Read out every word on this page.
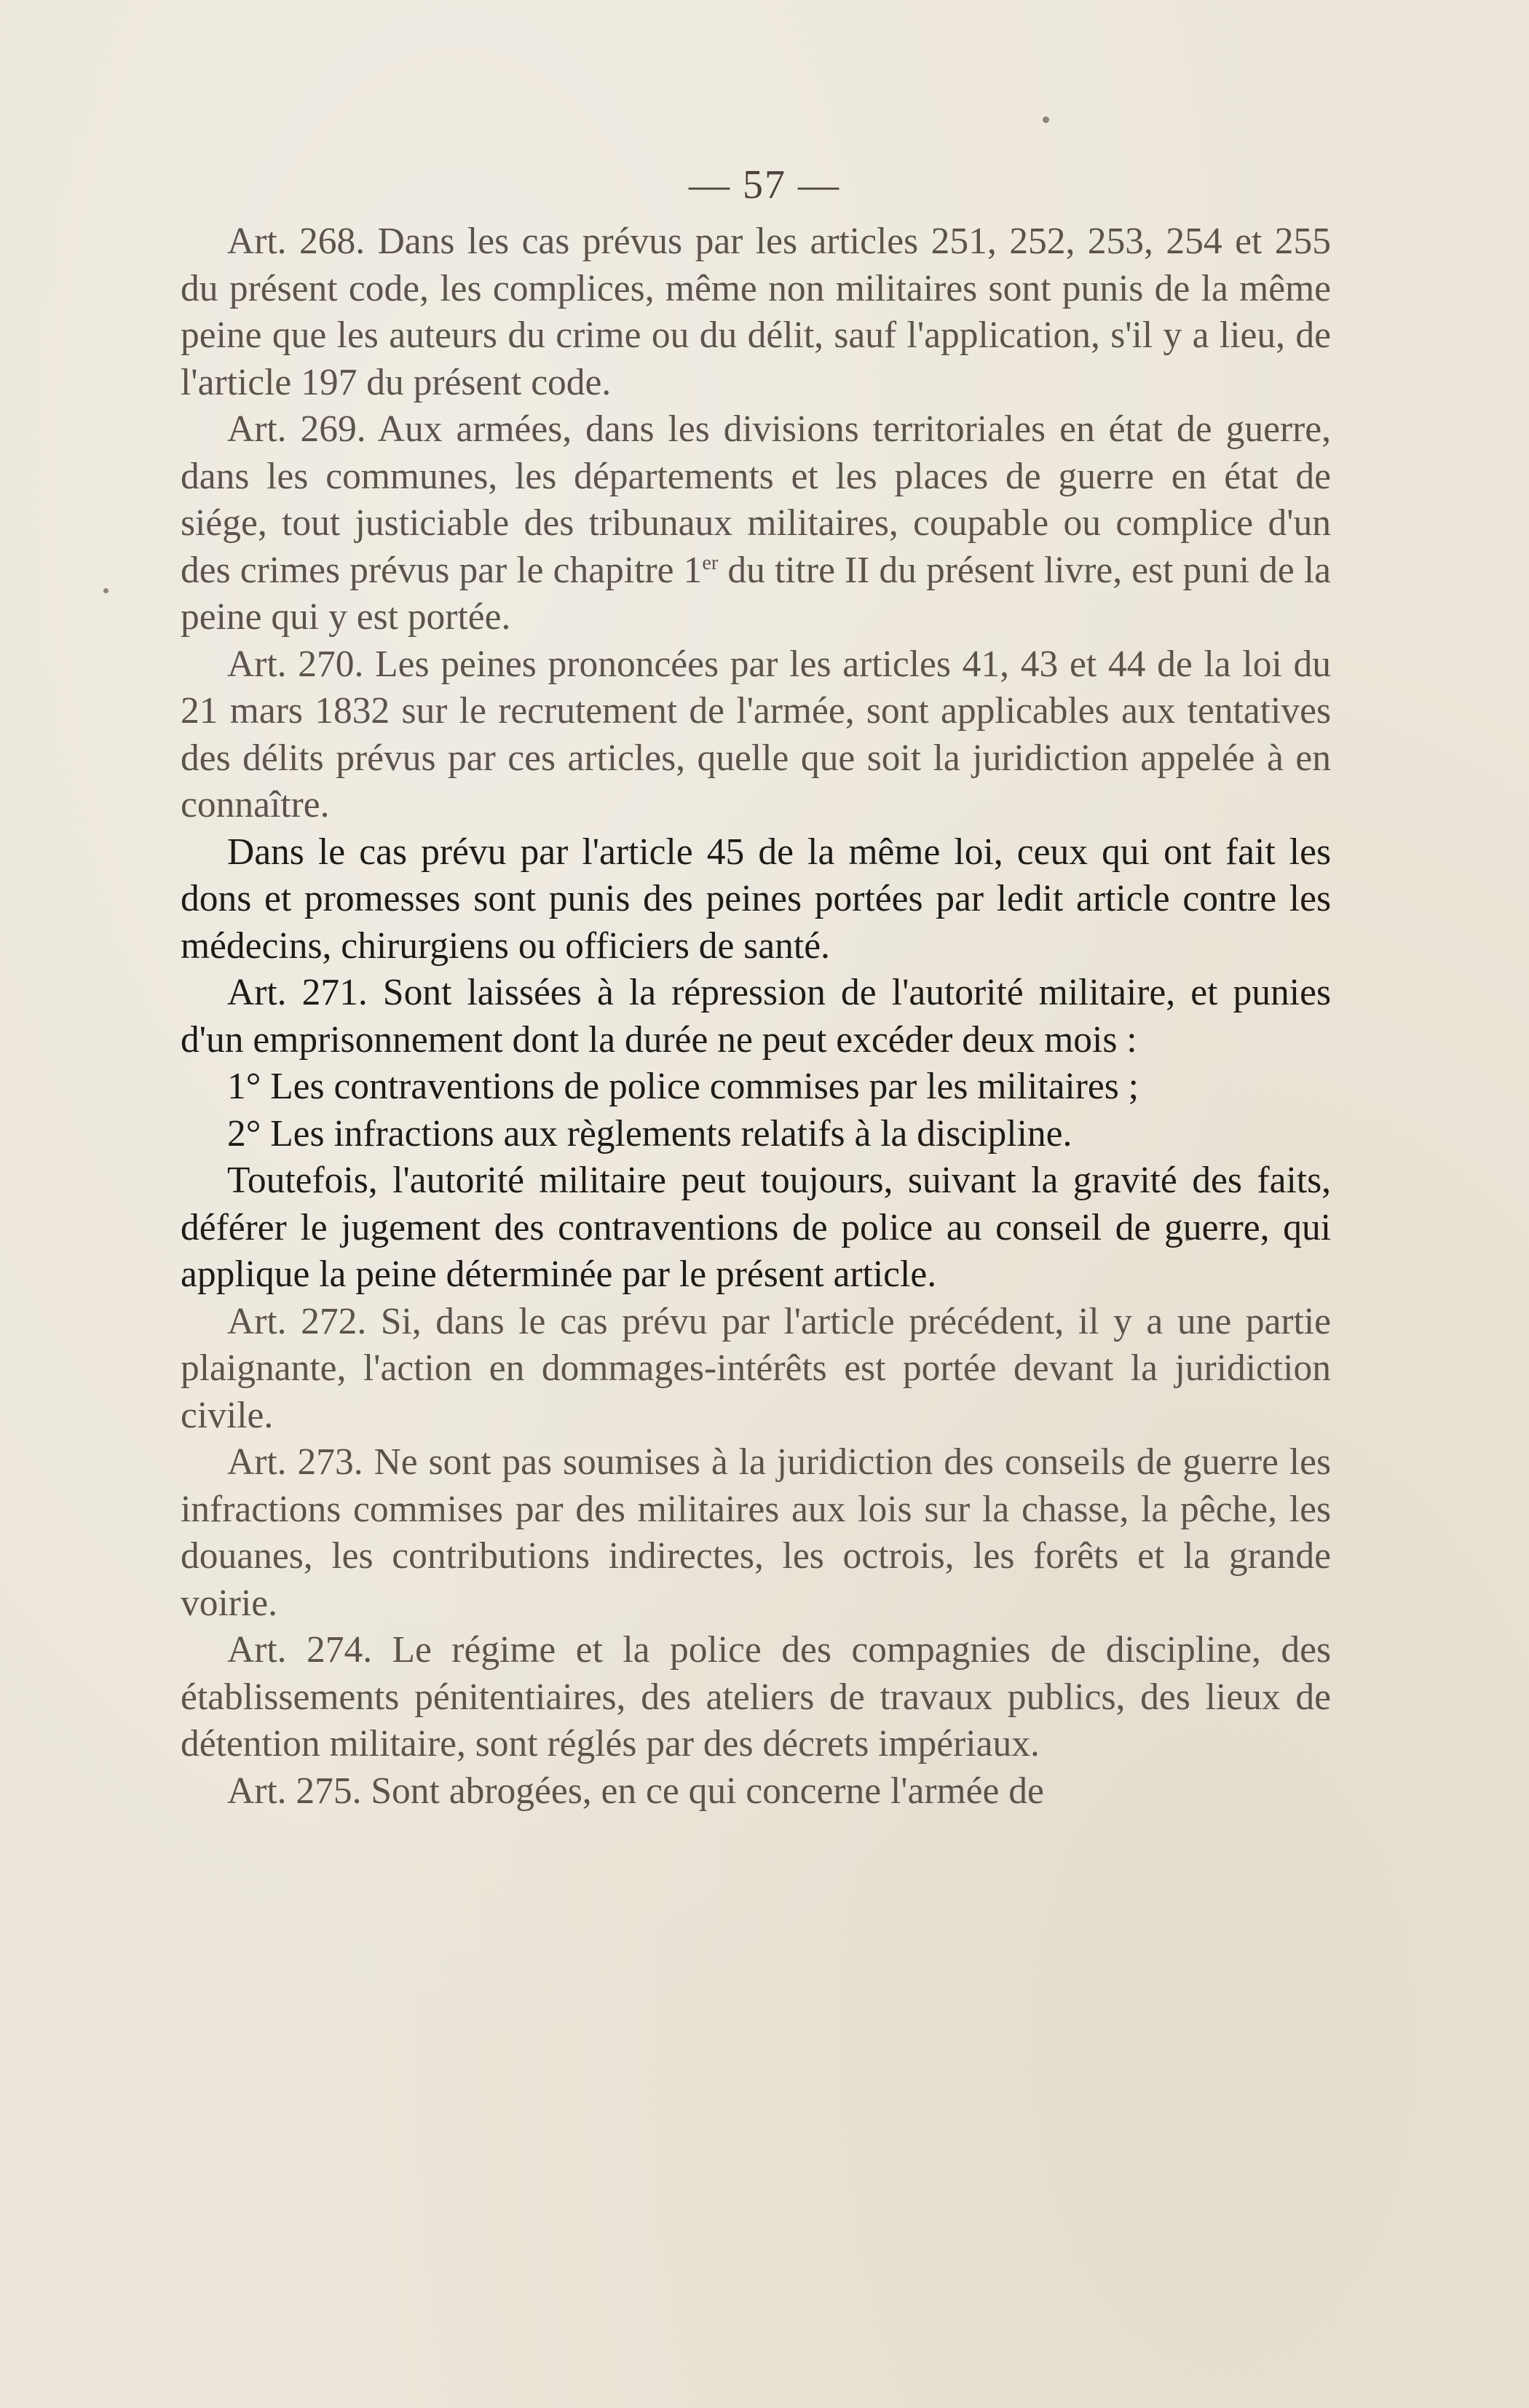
— 57 —

Art. 268. Dans les cas prévus par les articles 251, 252, 253, 254 et 255 du présent code, les complices, même non militaires sont punis de la même peine que les auteurs du crime ou du délit, sauf l'application, s'il y a lieu, de l'article 197 du présent code.

Art. 269. Aux armées, dans les divisions territoriales en état de guerre, dans les communes, les départements et les places de guerre en état de siége, tout justiciable des tribunaux militaires, coupable ou complice d'un des crimes prévus par le chapitre 1er du titre II du présent livre, est puni de la peine qui y est portée.

Art. 270. Les peines prononcées par les articles 41, 43 et 44 de la loi du 21 mars 1832 sur le recrutement de l'armée, sont applicables aux tentatives des délits prévus par ces articles, quelle que soit la juridiction appelée à en connaître.

Dans le cas prévu par l'article 45 de la même loi, ceux qui ont fait les dons et promesses sont punis des peines portées par ledit article contre les médecins, chirurgiens ou officiers de santé.

Art. 271. Sont laissées à la répression de l'autorité militaire, et punies d'un emprisonnement dont la durée ne peut excéder deux mois :

1° Les contraventions de police commises par les militaires ;

2° Les infractions aux règlements relatifs à la discipline.

Toutefois, l'autorité militaire peut toujours, suivant la gravité des faits, déférer le jugement des contraventions de police au conseil de guerre, qui applique la peine déterminée par le présent article.

Art. 272. Si, dans le cas prévu par l'article précédent, il y a une partie plaignante, l'action en dommages-intérêts est portée devant la juridiction civile.

Art. 273. Ne sont pas soumises à la juridiction des conseils de guerre les infractions commises par des militaires aux lois sur la chasse, la pêche, les douanes, les contributions indirectes, les octrois, les forêts et la grande voirie.

Art. 274. Le régime et la police des compagnies de discipline, des établissements pénitentiaires, des ateliers de travaux publics, des lieux de détention militaire, sont réglés par des décrets impériaux.

Art. 275. Sont abrogées, en ce qui concerne l'armée de
